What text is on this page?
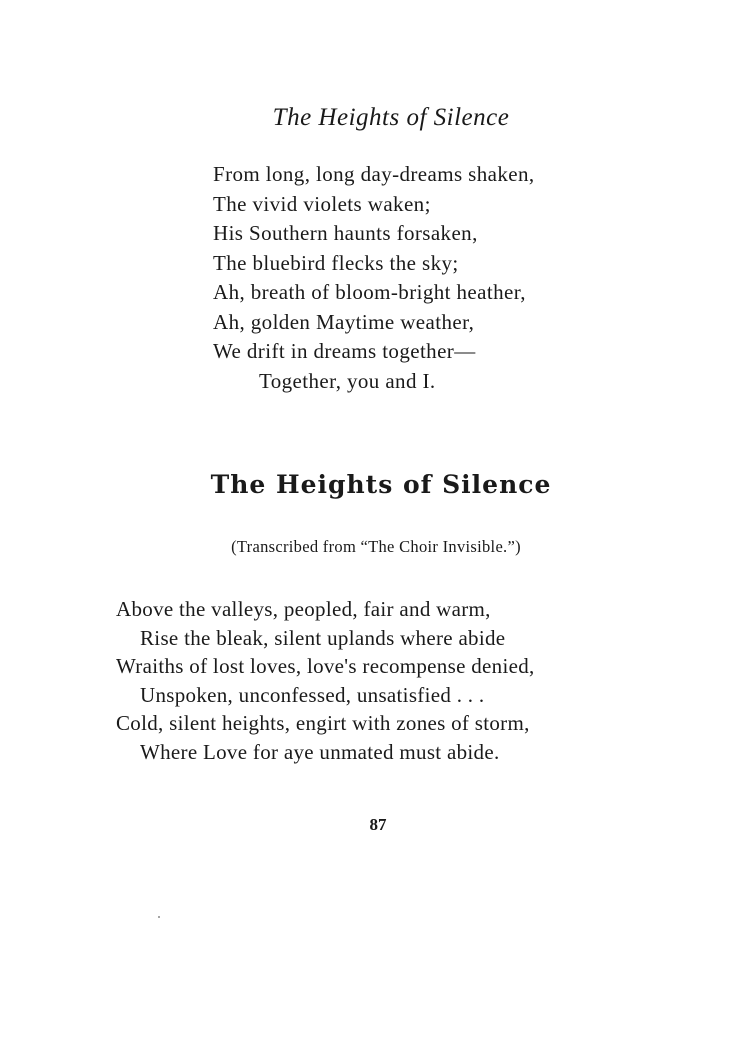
The Heights of Silence
From long, long day-dreams shaken,
The vivid violets waken;
His Southern haunts forsaken,
The bluebird flecks the sky;
Ah, breath of bloom-bright heather,
Ah, golden Maytime weather,
We drift in dreams together—
Together, you and I.
The Heights of Silence
(Transcribed from “The Choir Invisible.”)
Above the valleys, peopled, fair and warm,
Rise the bleak, silent uplands where abide
Wraiths of lost loves, love's recompense denied,
Unspoken, unconfessed, unsatisfied . . .
Cold, silent heights, engirt with zones of storm,
Where Love for aye unmated must abide.
87
